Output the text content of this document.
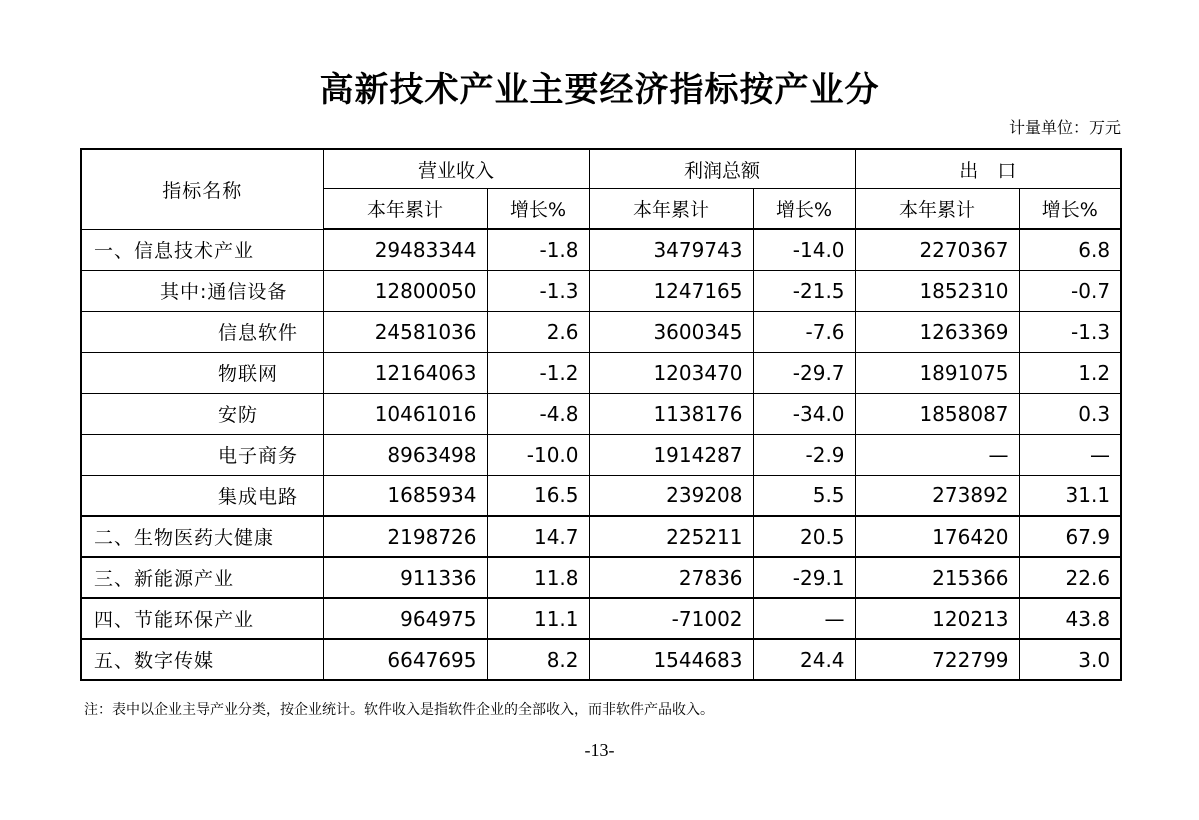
高新技术产业主要经济指标按产业分
计量单位：万元
指标名称	营业收入		利润总额		出　口	
	本年累计	增长%	本年累计	增长%	本年累计	增长%
一、信息技术产业	29483344	-1.8	3479743	-14.0	2270367	6.8
其中:通信设备	12800050	-1.3	1247165	-21.5	1852310	-0.7
信息软件	24581036	2.6	3600345	-7.6	1263369	-1.3
物联网	12164063	-1.2	1203470	-29.7	1891075	1.2
安防	10461016	-4.8	1138176	-34.0	1858087	0.3
电子商务	8963498	-10.0	1914287	-2.9	—	—
集成电路	1685934	16.5	239208	5.5	273892	31.1
二、生物医药大健康	2198726	14.7	225211	20.5	176420	67.9
三、新能源产业	911336	11.8	27836	-29.1	215366	22.6
四、节能环保产业	964975	11.1	-71002	—	120213	43.8
五、数字传媒	6647695	8.2	1544683	24.4	722799	3.0
注：表中以企业主导产业分类，按企业统计。软件收入是指软件企业的全部收入，而非软件产品收入。
-13-
